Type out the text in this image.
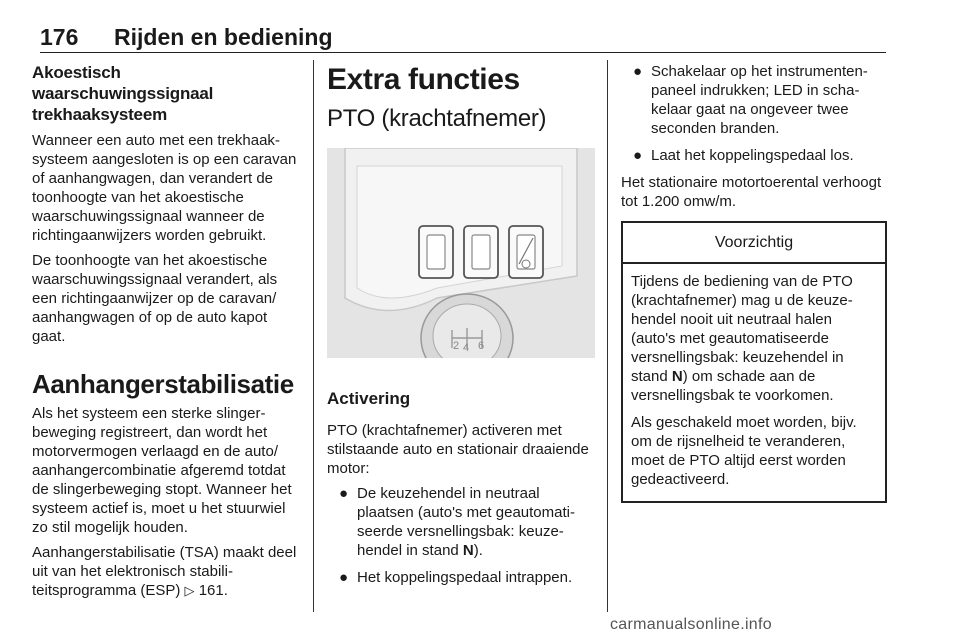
176 Rijden en bediening
Akoestisch waarschuwingssignaal trekhaaksysteem

Wanneer een auto met een trekhaaksysteem aangesloten is op een caravan of aanhangwagen, dan verandert de toonhoogte van het akoestische waarschuwingssignaal wanneer de richtingaanwijzers worden gebruikt.

De toonhoogte van het akoestische waarschuwingssignaal verandert, als een richtingaanwijzer op de caravan/ aanhangwagen of op de auto kapot gaat.

Aanhangerstabilisatie

Als het systeem een sterke slingerbeweging registreert, dan wordt het motorvermogen verlaagd en de auto/ aanhangercombinatie afgeremd totdat de slingerbeweging stopt. Wanneer het systeem actief is, moet u het stuurwiel zo stil mogelijk houden.

Aanhangerstabilisatie (TSA) maakt deel uit van het elektronisch stabiliteitsprogramma (ESP) ▷ 161.

Extra functies
PTO (krachtafnemer)
2 4 6
Activering

PTO (krachtafnemer) activeren met stilstaande auto en stationair draaiende motor:

● De keuzehendel in neutraal plaatsen (auto's met geautomatiseerde versnellingsbak: keuzehendel in stand N).
● Het koppelingspedaal intrappen.
● Schakelaar op het instrumentenpaneel indrukken; LED in schakelaar gaat na ongeveer twee seconden branden.
● Laat het koppelingspedaal los.

Het stationaire motortoerental verhoogt tot 1.200 omw/m.

Voorzichtig

Tijdens de bediening van de PTO (krachtafnemer) mag u de keuzehendel nooit uit neutraal halen (auto's met geautomatiseerde versnellingsbak: keuzehendel in stand N) om schade aan de versnellingsbak te voorkomen.

Als geschakeld moet worden, bijv. om de rijsnelheid te veranderen, moet de PTO altijd eerst worden gedeactiveerd.

carmanualsonline.info
